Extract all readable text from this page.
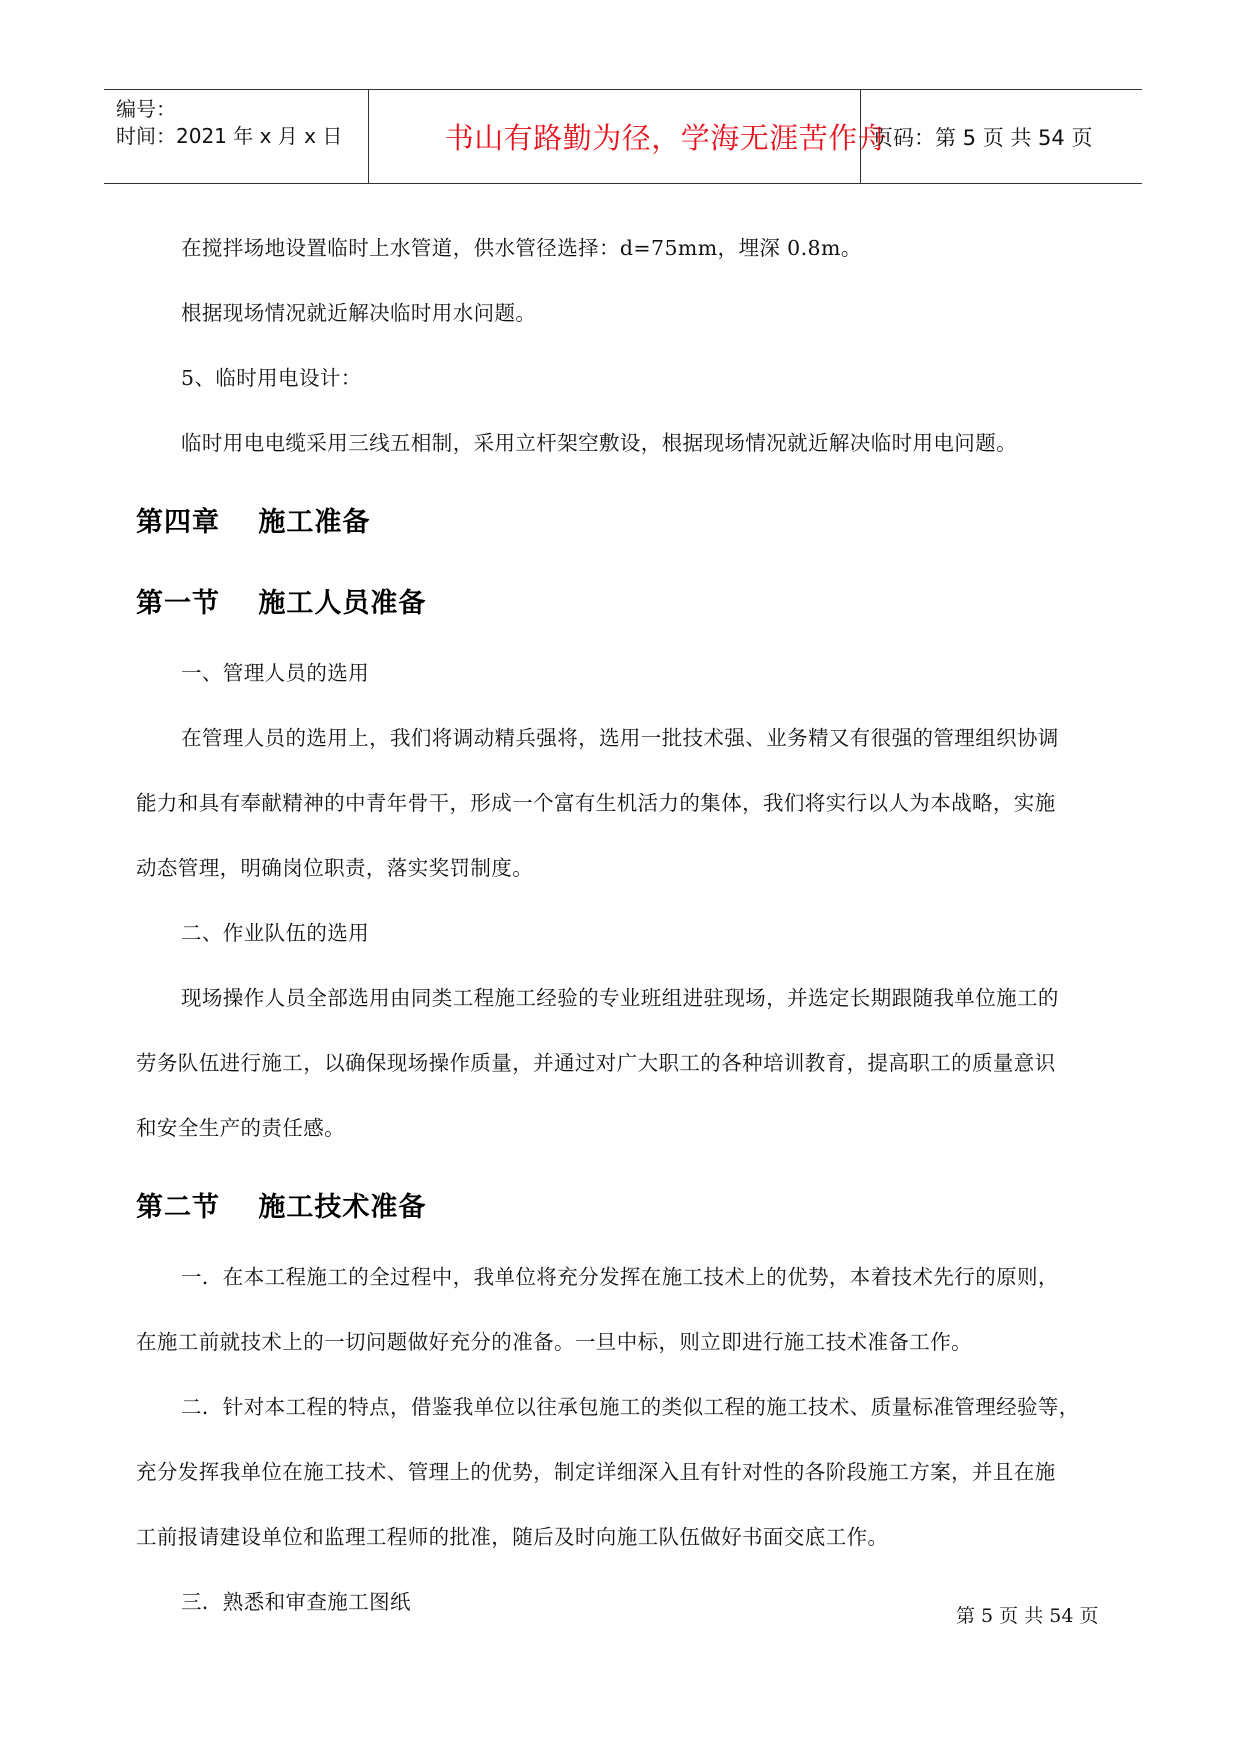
编号：
时间：2021 年 x 月 x 日	书山有路勤为径，学海无涯苦作舟
页码：第 5 页 共 54 页
在搅拌场地设置临时上水管道，供水管径选择：d=75mm，埋深 0.8m。
根据现场情况就近解决临时用水问题。
5、临时用电设计：
临时用电电缆采用三线五相制，采用立杆架空敷设，根据现场情况就近解决临时用电问题。
第四章　 施工准备
第一节　 施工人员准备
一、管理人员的选用
在管理人员的选用上，我们将调动精兵强将，选用一批技术强、业务精又有很强的管理组织协调
能力和具有奉献精神的中青年骨干，形成一个富有生机活力的集体，我们将实行以人为本战略，实施
动态管理，明确岗位职责，落实奖罚制度。
二、作业队伍的选用
现场操作人员全部选用由同类工程施工经验的专业班组进驻现场，并选定长期跟随我单位施工的
劳务队伍进行施工，以确保现场操作质量，并通过对广大职工的各种培训教育，提高职工的质量意识
和安全生产的责任感。
第二节　 施工技术准备
一．在本工程施工的全过程中，我单位将充分发挥在施工技术上的优势，本着技术先行的原则，
在施工前就技术上的一切问题做好充分的准备。一旦中标，则立即进行施工技术准备工作。
二．针对本工程的特点，借鉴我单位以往承包施工的类似工程的施工技术、质量标准管理经验等，
充分发挥我单位在施工技术、管理上的优势，制定详细深入且有针对性的各阶段施工方案，并且在施
工前报请建设单位和监理工程师的批准，随后及时向施工队伍做好书面交底工作。
三．熟悉和审查施工图纸
第 5 页 共 54 页
